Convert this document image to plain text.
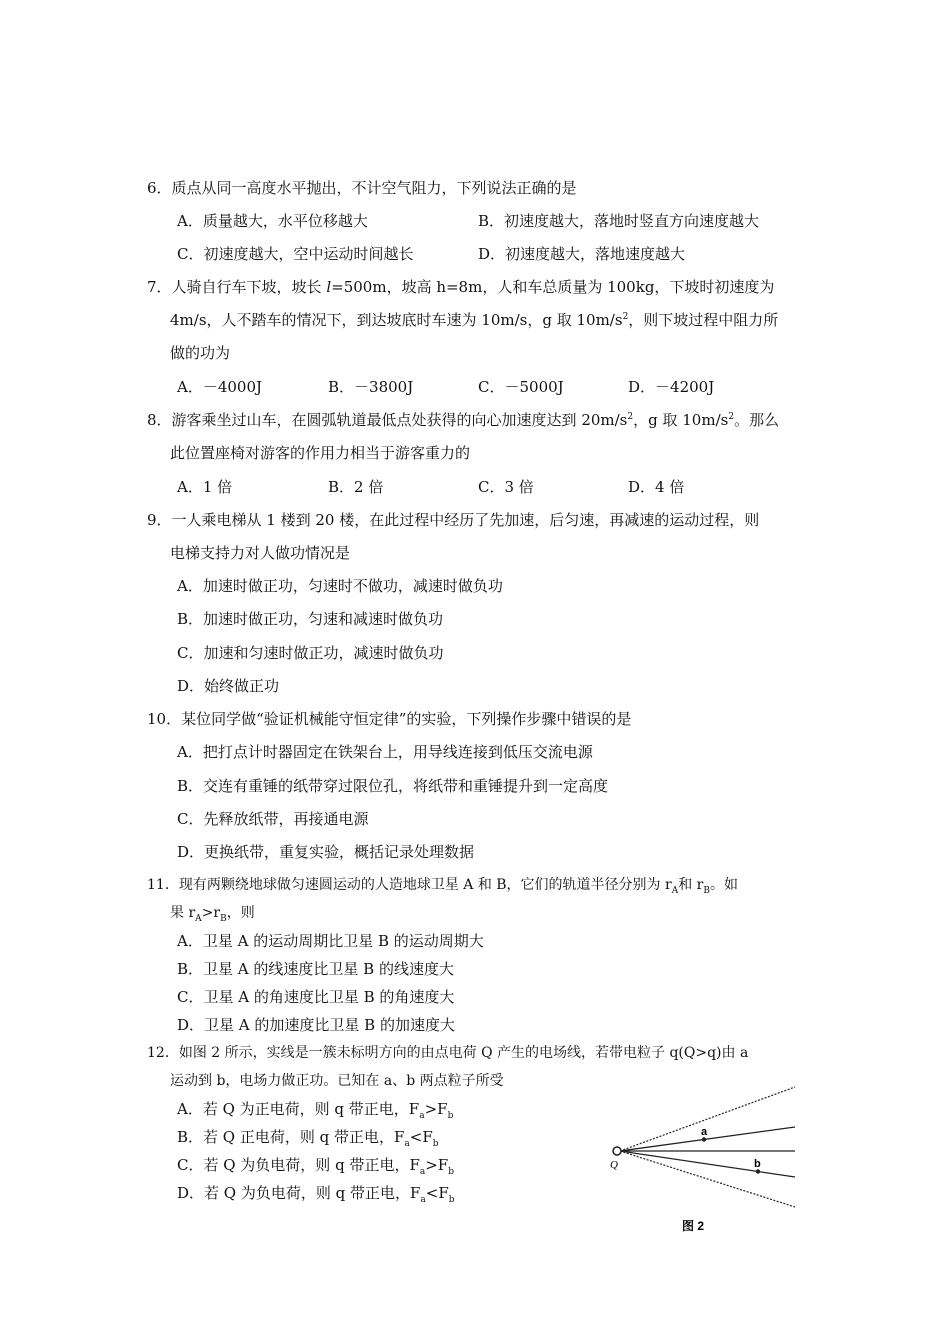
6．质点从同一高度水平抛出，不计空气阻力，下列说法正确的是
A．质量越大，水平位移越大	B．初速度越大，落地时竖直方向速度越大
C．初速度越大，空中运动时间越长	D．初速度越大，落地速度越大
7．人骑自行车下坡，坡长 l=500m，坡高 h=8m，人和车总质量为 100kg，下坡时初速度为
4m/s，人不踏车的情况下，到达坡底时车速为 10m/s，g 取 $10m/s^2$，则下坡过程中阻力所
做的功为
A．－4000J	B．－3800J	C．－5000J	D．－4200J
8．游客乘坐过山车，在圆弧轨道最低点处获得的向心加速度达到 $20m/s^2$，g 取 $10m/s^2$。那么
此位置座椅对游客的作用力相当于游客重力的
A．1 倍	B．2 倍	C．3 倍	D．4 倍
9．一人乘电梯从 1 楼到 20 楼，在此过程中经历了先加速，后匀速，再减速的运动过程，则
电梯支持力对人做功情况是
A．加速时做正功，匀速时不做功，减速时做负功
B．加速时做正功，匀速和减速时做负功
C．加速和匀速时做正功，减速时做负功
D．始终做正功
10．某位同学做“验证机械能守恒定律”的实验，下列操作步骤中错误的是
A．把打点计时器固定在铁架台上，用导线连接到低压交流电源
B．交连有重锤的纸带穿过限位孔，将纸带和重锤提升到一定高度
C．先释放纸带，再接通电源
D．更换纸带，重复实验，概括记录处理数据
11．现有两颗绕地球做匀速圆运动的人造地球卫星 A 和 B，它们的轨道半径分别为 $r_A$和 $r_B$。如
果 $r_A>r_B$，则
A．卫星 A 的运动周期比卫星 B 的运动周期大
B．卫星 A 的线速度比卫星 B 的线速度大
C．卫星 A 的角速度比卫星 B 的角速度大
D．卫星 A 的加速度比卫星 B 的加速度大
12．如图 2 所示，实线是一簇未标明方向的由点电荷 Q 产生的电场线，若带电粒子 q(Q>q)由 a
运动到 b，电场力做正功。已知在 a、b 两点粒子所受
A．若 Q 为正电荷，则 q 带正电，$F_a>F_b$
B．若 Q 正电荷，则 q 带正电，$F_a<F_b$
C．若 Q 为负电荷，则 q 带正电，$F_a>F_b$
D．若 Q 为负电荷，则 q 带正电，$F_a<F_b$
Q
a
b
图 2
